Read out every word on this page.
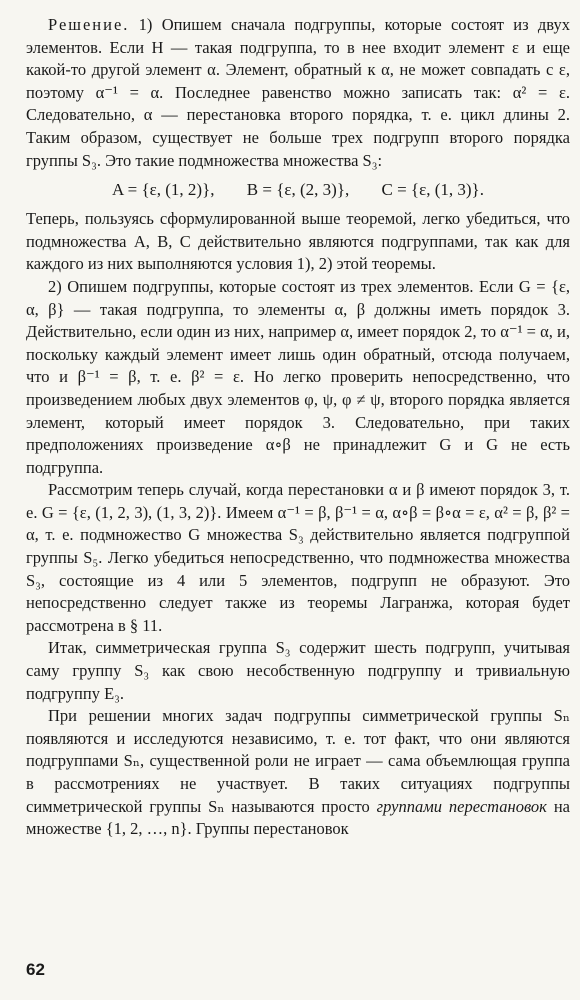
Решение. 1) Опишем сначала подгруппы, которые состоят из двух элементов. Если H — такая подгруппа, то в нее входит элемент ε и еще какой-то другой элемент α. Элемент, обратный к α, не может совпадать с ε, поэтому α⁻¹ = α. Последнее равенство можно записать так: α² = ε. Следовательно, α — перестановка второго порядка, т. е. цикл длины 2. Таким образом, существует не больше трех подгрупп второго порядка группы S₃. Это такие подмножества множества S₃:

A = {ε, (1, 2)}, B = {ε, (2, 3)}, C = {ε, (1, 3)}.

Теперь, пользуясь сформулированной выше теоремой, легко убедиться, что подмножества A, B, C действительно являются подгруппами, так как для каждого из них выполняются условия 1), 2) этой теоремы.

2) Опишем подгруппы, которые состоят из трех элементов. Если G = {ε, α, β} — такая подгруппа, то элементы α, β должны иметь порядок 3. Действительно, если один из них, например α, имеет порядок 2, то α⁻¹ = α, и, поскольку каждый элемент имеет лишь один обратный, отсюда получаем, что и β⁻¹ = β, т. е. β² = ε. Но легко проверить непосредственно, что произведением любых двух элементов φ, ψ, φ ≠ ψ, второго порядка является элемент, который имеет порядок 3. Следовательно, при таких предположениях произведение α∘β не принадлежит G и G не есть подгруппа.

Рассмотрим теперь случай, когда перестановки α и β имеют порядок 3, т. е. G = {ε, (1, 2, 3), (1, 3, 2)}. Имеем α⁻¹ = β, β⁻¹ = α, α∘β = β∘α = ε, α² = β, β² = α, т. е. подмножество G множества S₃ действительно является подгруппой группы S₅. Легко убедиться непосредственно, что подмножества множества S₃, состоящие из 4 или 5 элементов, подгрупп не образуют. Это непосредственно следует также из теоремы Лагранжа, которая будет рассмотрена в § 11.

Итак, симметрическая группа S₃ содержит шесть подгрупп, учитывая саму группу S₃ как свою несобственную подгруппу и тривиальную подгруппу E₃.

При решении многих задач подгруппы симметрической группы Sₙ появляются и исследуются независимо, т. е. тот факт, что они являются подгруппами Sₙ, существенной роли не играет — сама объемлющая группа в рассмотрениях не участвует. В таких ситуациях подгруппы симметрической группы Sₙ называются просто группами перестановок на множестве {1, 2, …, n}. Группы перестановок

62
